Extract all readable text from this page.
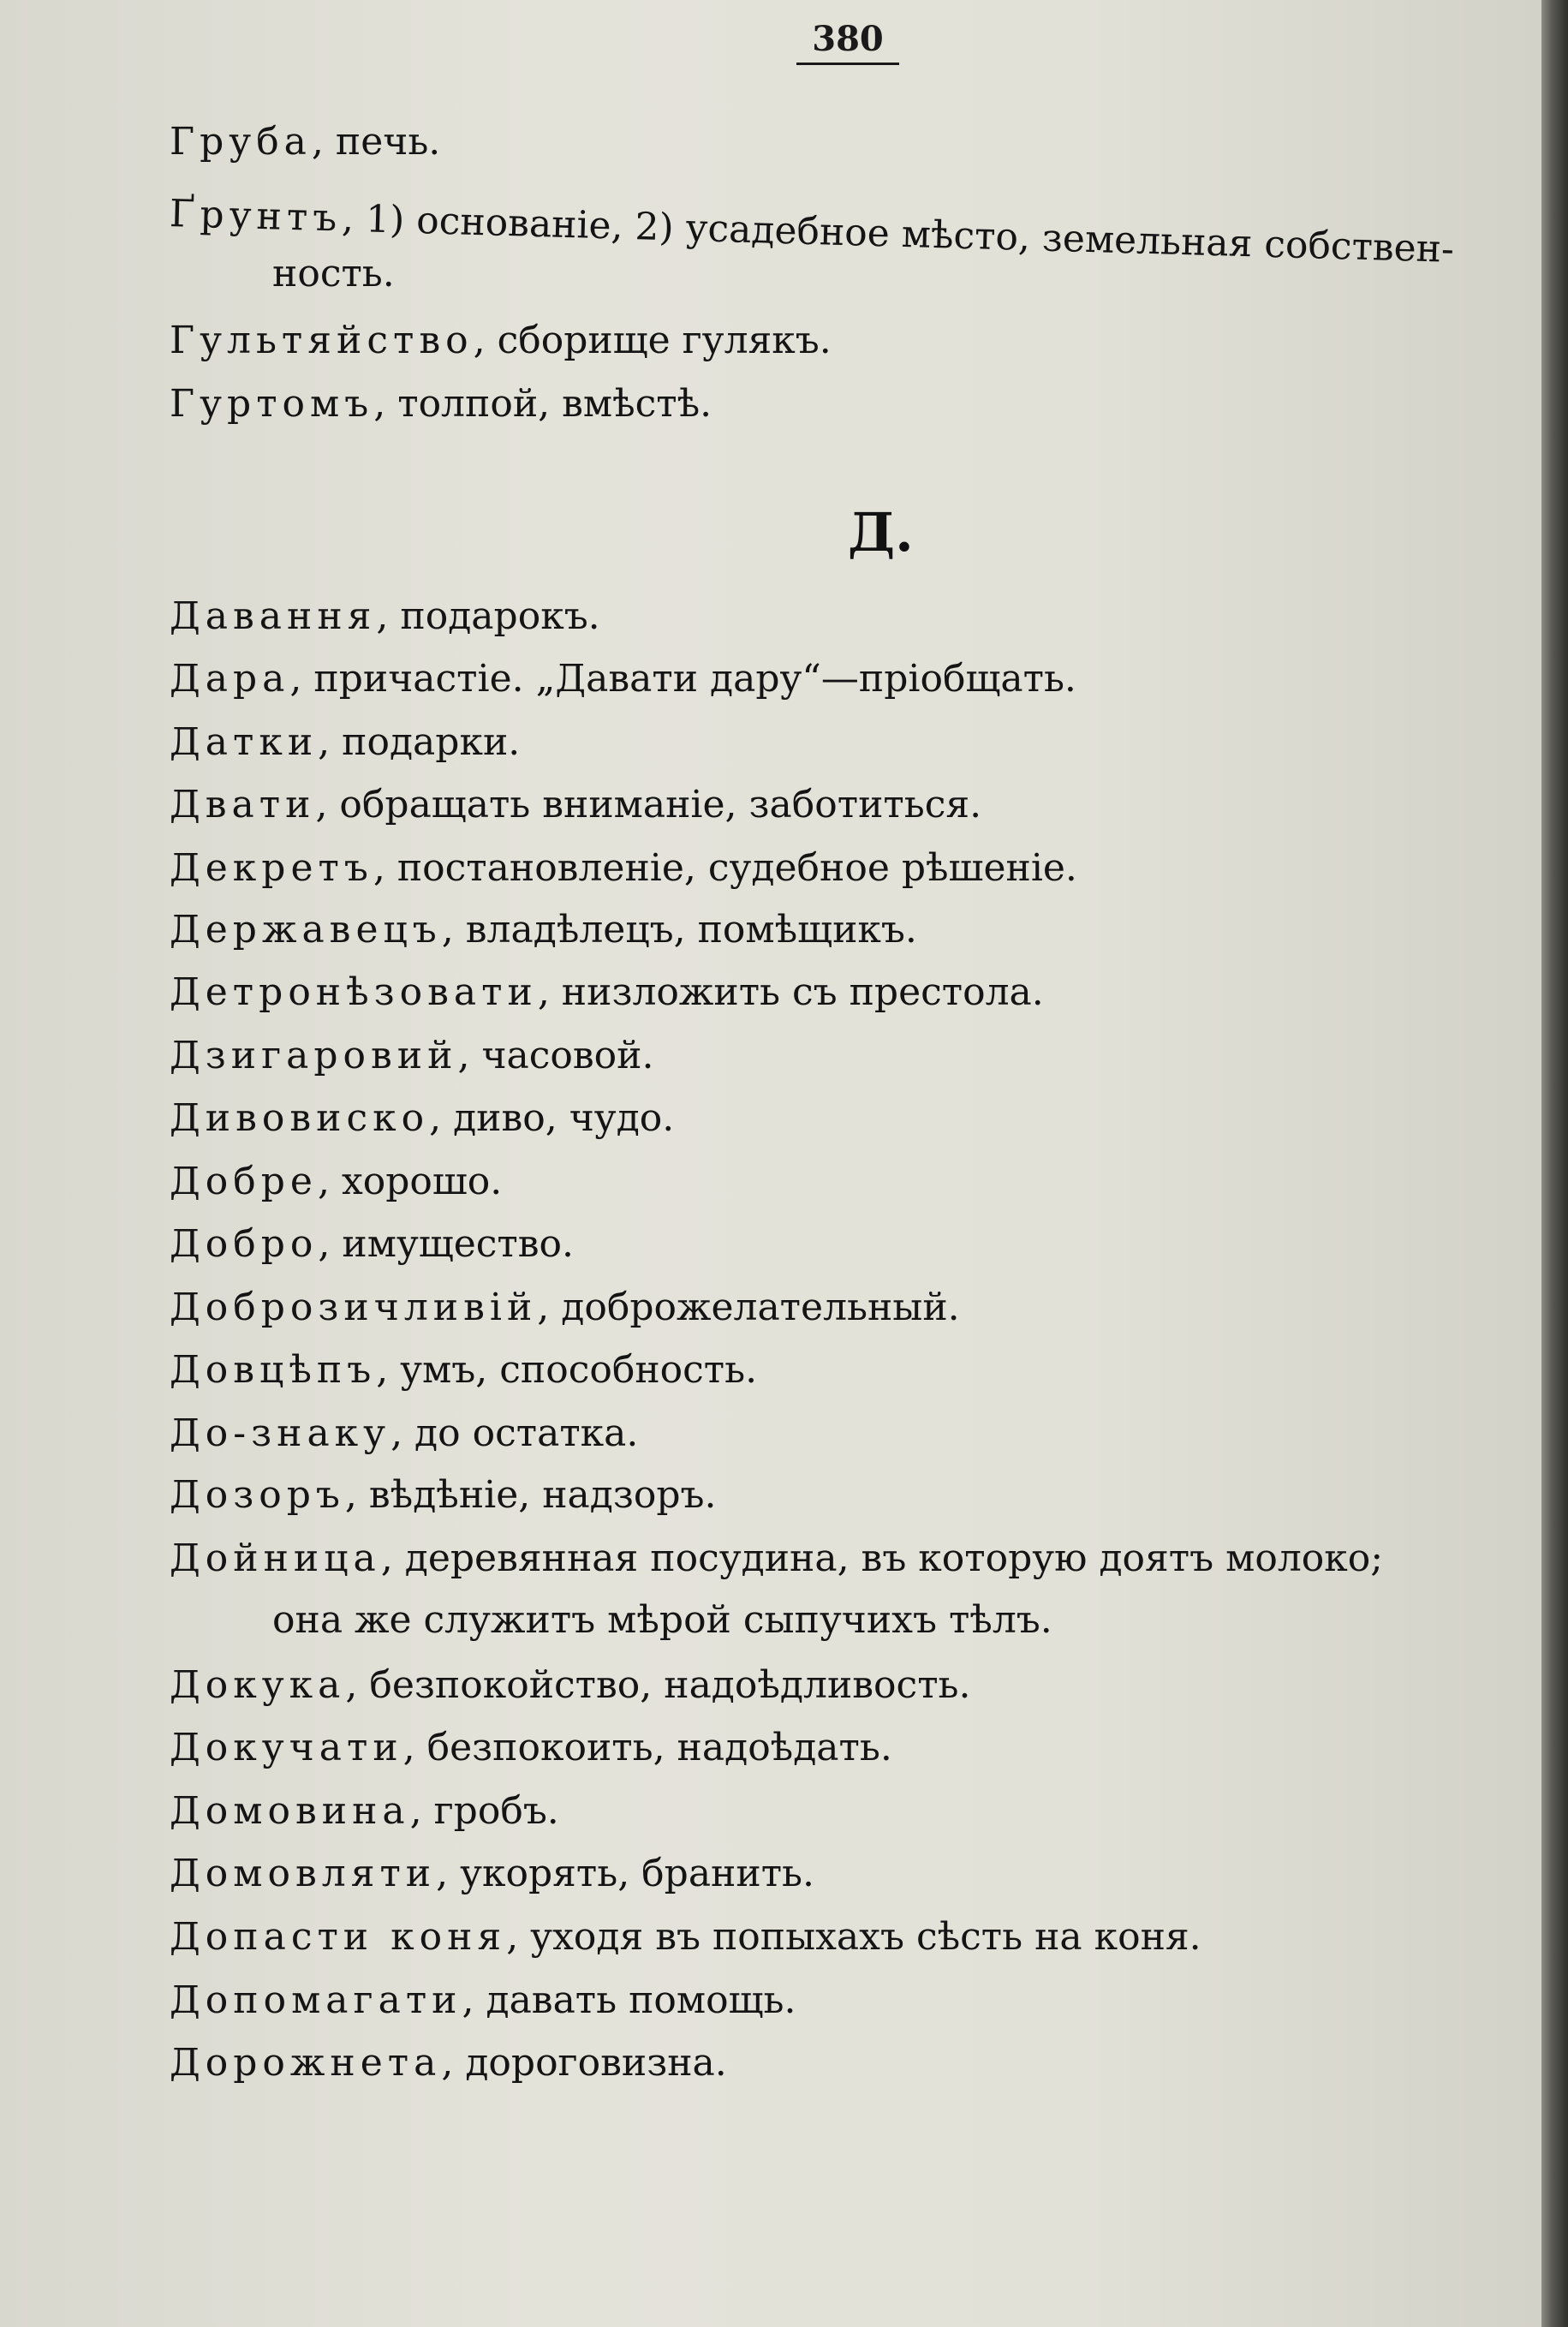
380
Груба, печь.
Ґрунтъ, 1) основаніе, 2) усадебное мѣсто, земельная собствен-
ность.
Гультяйство, сборище гулякъ.
Гуртомъ, толпой, вмѣстѣ.
Д.
Давання, подарокъ.
Дара, причастіе. „Давати дару“—пріобщать.
Датки, подарки.
Двати, обращать вниманіе, заботиться.
Декретъ, постановленіе, судебное рѣшеніе.
Державецъ, владѣлецъ, помѣщикъ.
Детронѣзовати, низложить съ престола.
Дзигаровий, часовой.
Дивовиско, диво, чудо.
Добре, хорошо.
Добро, имущество.
Доброзичливій, доброжелательный.
Довцѣпъ, умъ, способность.
До-знаку, до остатка.
Дозоръ, вѣдѣніе, надзоръ.
Дойница, деревянная посудина, въ которую доятъ молоко;
она же служитъ мѣрой сыпучихъ тѣлъ.
Докука, безпокойство, надоѣдливость.
Докучати, безпокоить, надоѣдать.
Домовина, гробъ.
Домовляти, укорять, бранить.
Допасти коня, уходя въ попыхахъ сѣсть на коня.
Допомагати, давать помощь.
Дорожнета, дороговизна.
